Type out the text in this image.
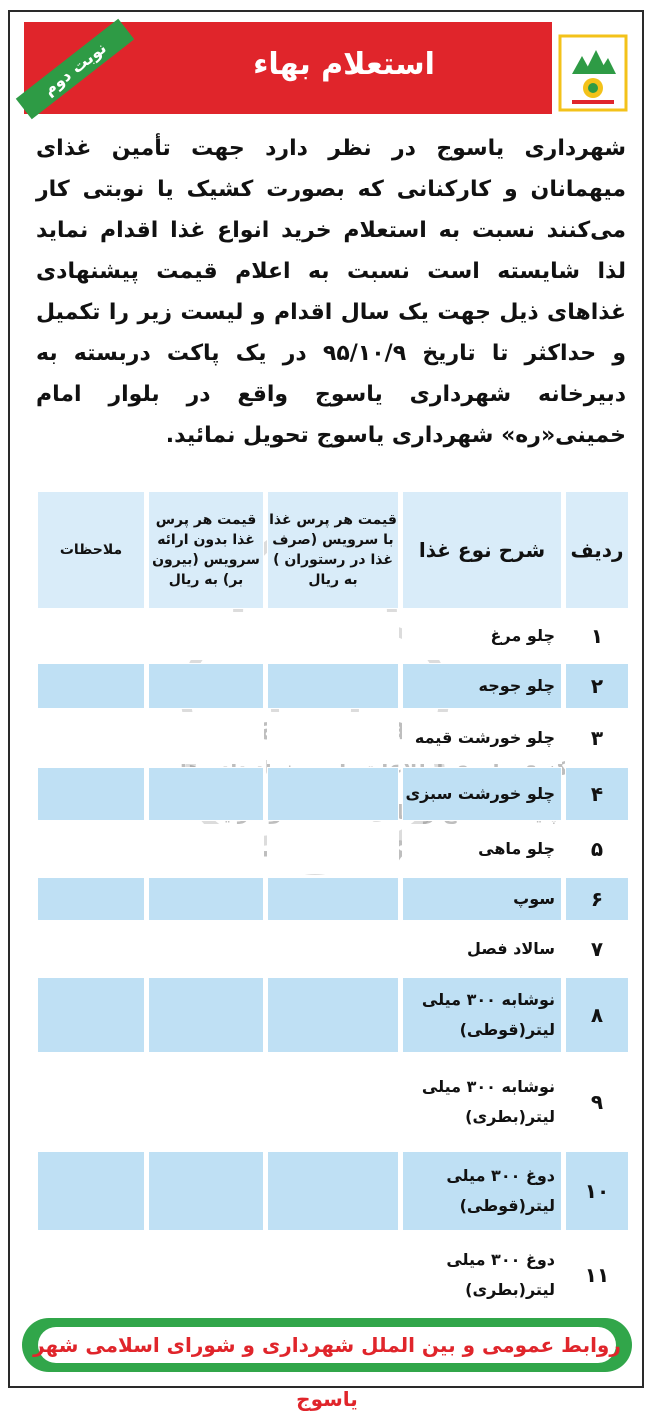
نوبت دوم	استعلام بهاء
شهرداری یاسوج در نظر دارد جهت تأمین غذای میهمانان و کارکنانی که بصورت کشیک یا نوبتی کار می‌کنند نسبت به استعلام خرید انواع غذا اقدام نماید لذا شایسته است نسبت به اعلام قیمت پیشنهادی غذاهای ذیل جهت یک سال اقدام و لیست زیر را تکمیل و حداکثر تا تاریخ ۹۵/۱۰/۹ در یک پاکت دربسته به دبیرخانه شهرداری یاسوج واقع در بلوار امام خمینی«ره» شهرداری یاسوج تحویل نمائید.
ردیف	شرح نوع غذا	قیمت هر پرس غذا با سرویس (صرف غذا در رستوران ) به ریال	قیمت هر پرس غذا بدون ارائه سرویس (بیرون بر) به ریال	ملاحظات
۱	چلو مرغ			
۲	چلو جوجه			
۳	چلو خورشت قیمه			
۴	چلو خورشت سبزی			
۵	چلو ماهی			
۶	سوپ			
۷	سالاد فصل			
۸	نوشابه ۳۰۰ میلی لیتر(قوطی)			
۹	نوشابه ۳۰۰ میلی لیتر(بطری)			
۱۰	دوغ ۳۰۰ میلی لیتر(قوطی)			
۱۱	دوغ ۳۰۰ میلی لیتر(بطری)			
روابط عمومی و بین الملل شهرداری و شورای اسلامی شهر یاسوج
